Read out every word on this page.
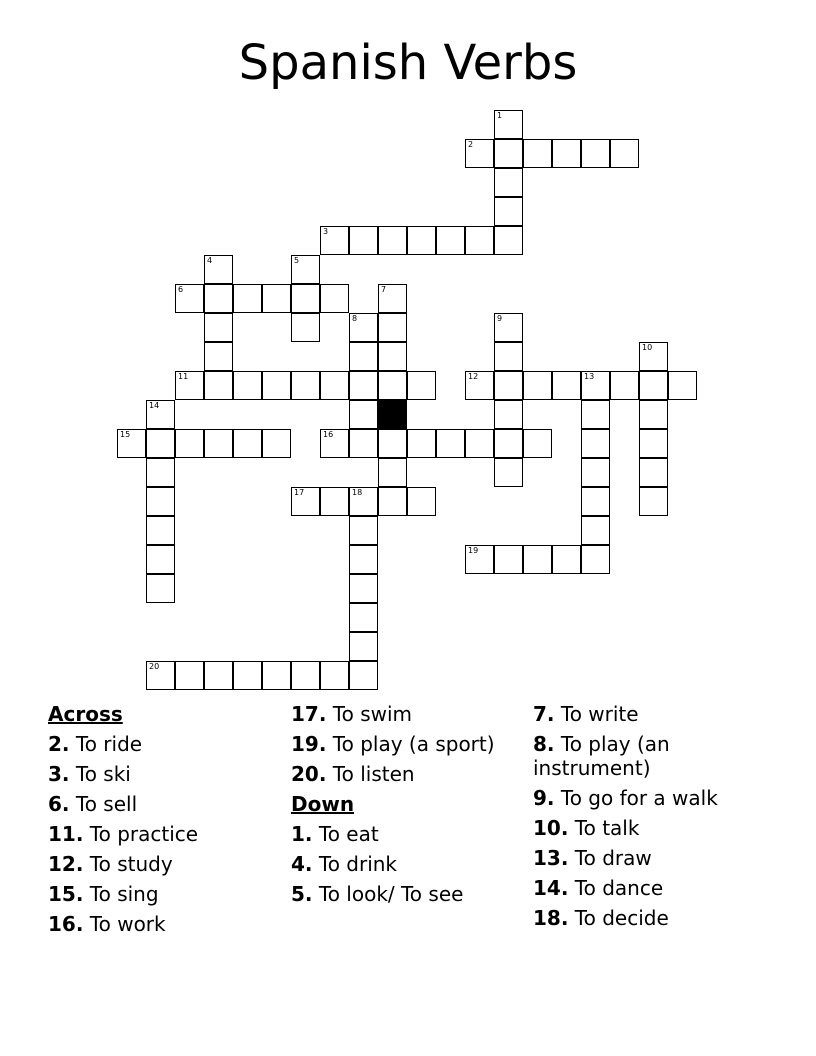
Spanish Verbs
1
2
3
4	5
6	7
8	9
10
11	12	13
14
15	16
17	18
19
20
Across
2. To ride
3. To ski
6. To sell
11. To practice
12. To study
15. To sing
16. To work
17. To swim
19. To play (a sport)
20. To listen
Down
1. To eat
4. To drink
5. To look/ To see
7. To write
8. To play (an instrument)
9. To go for a walk
10. To talk
13. To draw
14. To dance
18. To decide
